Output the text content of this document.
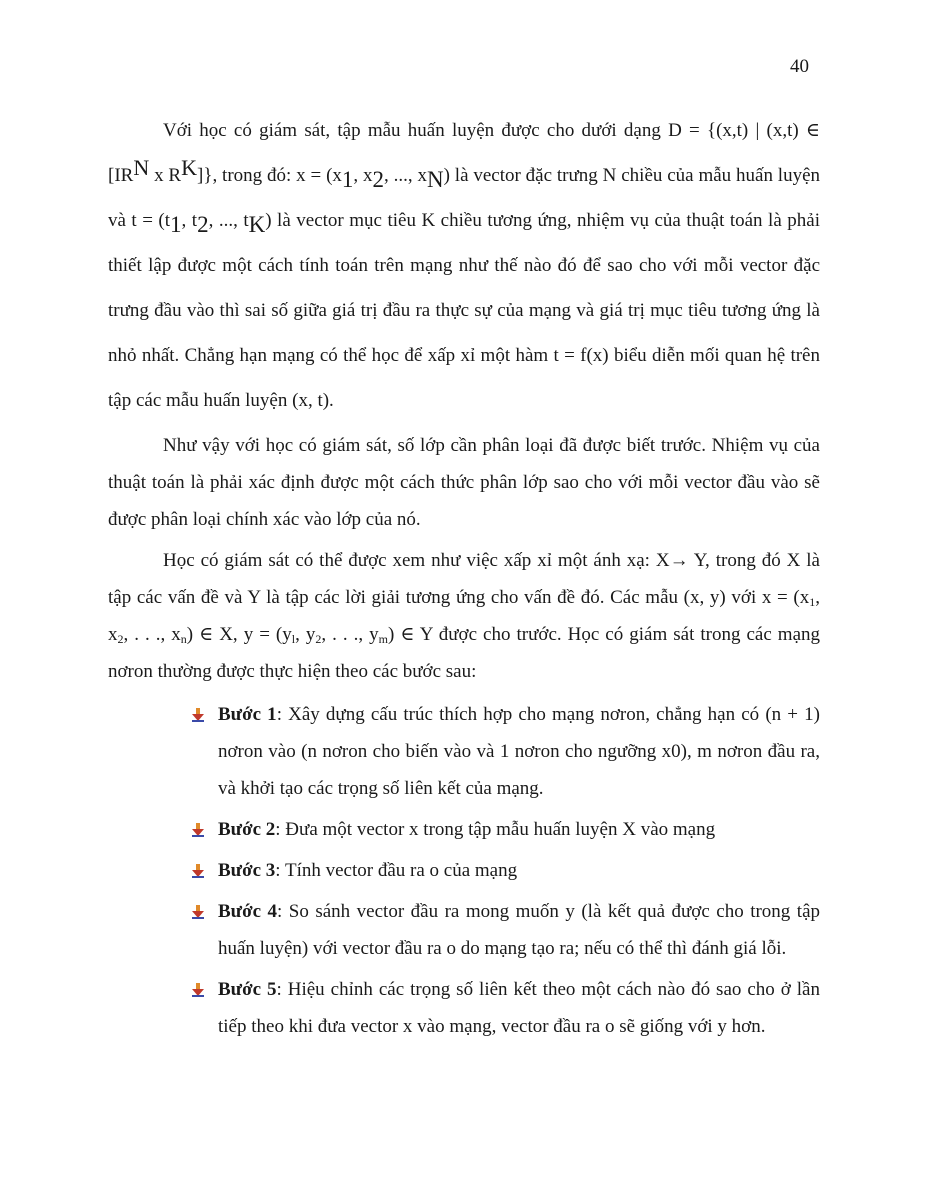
40

Với học có giám sát, tập mẫu huấn luyện được cho dưới dạng D = {(x,t) | (x,t) ∈ [IRN x RK]}, trong đó: x = (x1, x2, ..., xN) là vector đặc trưng N chiều của mẫu huấn luyện và t = (t1, t2, ..., tK) là vector mục tiêu K chiều tương ứng, nhiệm vụ của thuật toán là phải thiết lập được một cách tính toán trên mạng như thế nào đó để sao cho với mỗi vector đặc trưng đầu vào thì sai số giữa giá trị đầu ra thực sự của mạng và giá trị mục tiêu tương ứng là nhỏ nhất. Chẳng hạn mạng có thể học để xấp xỉ một hàm t = f(x) biểu diễn mối quan hệ trên tập các mẫu huấn luyện (x, t).

Như vậy với học có giám sát, số lớp cần phân loại đã được biết trước. Nhiệm vụ của thuật toán là phải xác định được một cách thức phân lớp sao cho với mỗi vector đầu vào sẽ được phân loại chính xác vào lớp của nó.

Học có giám sát có thể được xem như việc xấp xỉ một ánh xạ: X→ Y, trong đó X là tập các vấn đề và Y là tập các lời giải tương ứng cho vấn đề đó. Các mẫu (x, y) với x = (x1, x2, . . ., xn) ∈ X, y = (yl, y2, . . ., ym) ∈ Y được cho trước. Học có giám sát trong các mạng nơron thường được thực hiện theo các bước sau:

Bước 1: Xây dựng cấu trúc thích hợp cho mạng nơron, chẳng hạn có (n + 1) nơron vào (n nơron cho biến vào và 1 nơron cho ngưỡng x0), m nơron đầu ra, và khởi tạo các trọng số liên kết của mạng.
Bước 2: Đưa một vector x trong tập mẫu huấn luyện X vào mạng
Bước 3: Tính vector đầu ra o của mạng
Bước 4: So sánh vector đầu ra mong muốn y (là kết quả được cho trong tập huấn luyện) với vector đầu ra o do mạng tạo ra; nếu có thể thì đánh giá lỗi.
Bước 5: Hiệu chỉnh các trọng số liên kết theo một cách nào đó sao cho ở lần tiếp theo khi đưa vector x vào mạng, vector đầu ra o sẽ giống với y hơn.
